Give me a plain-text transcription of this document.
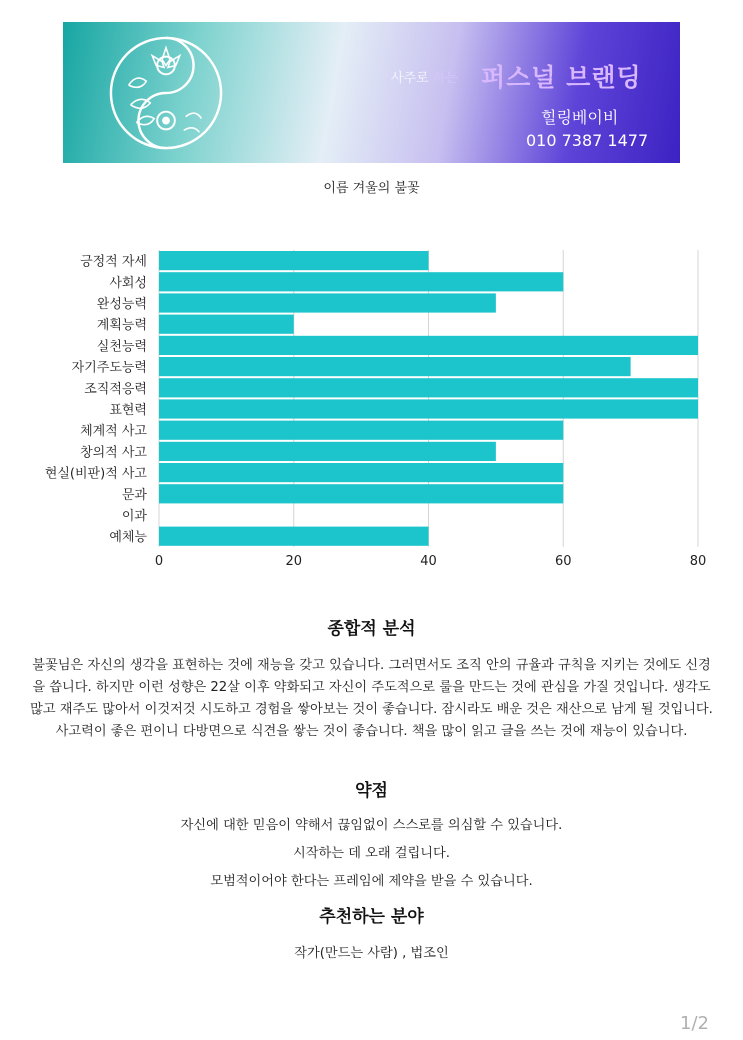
사주로 하는 퍼스널 브랜딩
힐링베이비
010 7387 1477
이름 겨울의 불꽃
0	20	40	60	80
긍정적 자세
사회성
완성능력
계획능력
실천능력
자기주도능력
조직적응력
표현력
체계적 사고
창의적 사고
현실(비판)적 사고
문과
이과
예체능
종합적 분석
불꽃님은 자신의 생각을 표현하는 것에 재능을 갖고 있습니다. 그러면서도 조직 안의 규율과 규칙을 지키는 것에도 신경을 씁니다. 하지만 이런 성향은 22살 이후 약화되고 자신이 주도적으로 룰을 만드는 것에 관심을 가질 것입니다. 생각도 많고 재주도 많아서 이것저것 시도하고 경험을 쌓아보는 것이 좋습니다. 잠시라도 배운 것은 재산으로 남게 될 것입니다. 사고력이 좋은 편이니 다방면으로 식견을 쌓는 것이 좋습니다. 책을 많이 읽고 글을 쓰는 것에 재능이 있습니다.
약점
자신에 대한 믿음이 약해서 끊임없이 스스로를 의심할 수 있습니다.
시작하는 데 오래 걸립니다.
모범적이어야 한다는 프레임에 제약을 받을 수 있습니다.
추천하는 분야
작가(만드는 사람) , 법조인
1/2
